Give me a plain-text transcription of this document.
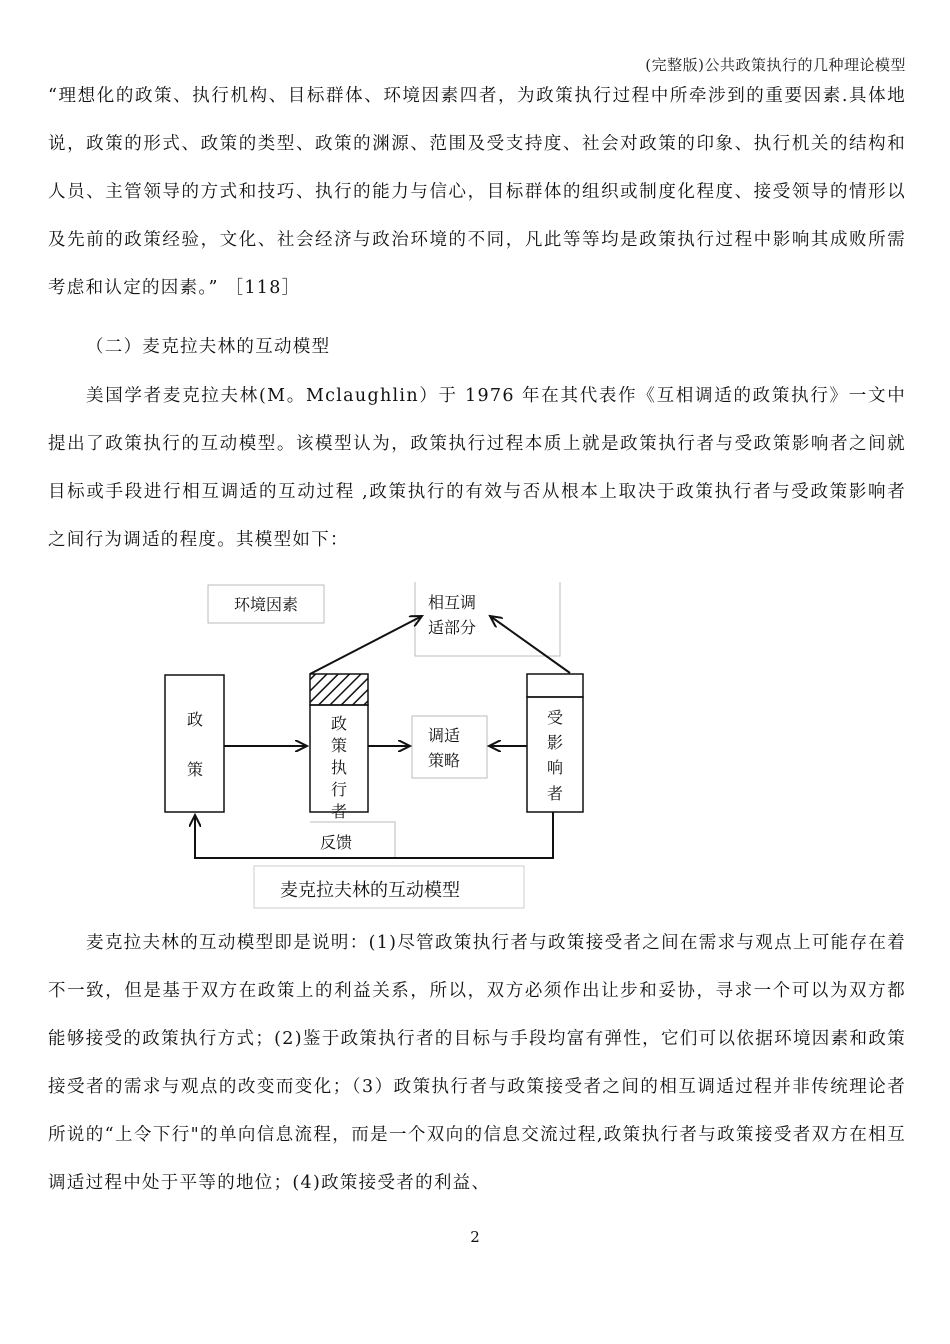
(完整版)公共政策执行的几种理论模型

“理想化的政策、执行机构、目标群体、环境因素四者，为政策执行过程中所牵涉到的重要因素.具体地说，政策的形式、政策的类型、政策的渊源、范围及受支持度、社会对政策的印象、执行机关的结构和人员、主管领导的方式和技巧、执行的能力与信心，目标群体的组织或制度化程度、接受领导的情形以及先前的政策经验，文化、社会经济与政治环境的不同，凡此等等均是政策执行过程中影响其成败所需考虑和认定的因素。” ［118］

（二）麦克拉夫林的互动模型

美国学者麦克拉夫林(M。Mclaughlin）于 1976 年在其代表作《互相调适的政策执行》一文中提出了政策执行的互动模型。该模型认为，政策执行过程本质上就是政策执行者与受政策影响者之间就目标或手段进行相互调适的互动过程 ,政策执行的有效与否从根本上取决于政策执行者与受政策影响者之间行为调适的程度。其模型如下：

环境因素	相互调
适部分
政
策
政
策
执
行
者
调适
策略
受
影
响
者
反馈
麦克拉夫林的互动模型

麦克拉夫林的互动模型即是说明：(1)尽管政策执行者与政策接受者之间在需求与观点上可能存在着不一致，但是基于双方在政策上的利益关系，所以，双方必须作出让步和妥协，寻求一个可以为双方都能够接受的政策执行方式；(2)鉴于政策执行者的目标与手段均富有弹性，它们可以依据环境因素和政策接受者的需求与观点的改变而变化；（3）政策执行者与政策接受者之间的相互调适过程并非传统理论者所说的“上令下行"的单向信息流程，而是一个双向的信息交流过程,政策执行者与政策接受者双方在相互调适过程中处于平等的地位；(4)政策接受者的利益、

2
